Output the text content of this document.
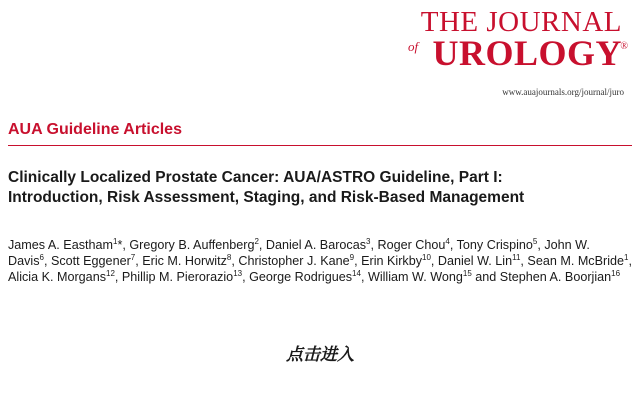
THE JOURNAL
of UROLOGY
®
www.auajournals.org/journal/juro
AUA Guideline Articles
Clinically Localized Prostate Cancer: AUA/ASTRO Guideline, Part I: Introduction, Risk Assessment, Staging, and Risk-Based Management

James A. Eastham$^1$*, Gregory B. Auffenberg$^2$, Daniel A. Barocas$^3$, Roger Chou$^4$, Tony Crispino$^5$, John W. Davis$^6$, Scott Eggener$^7$, Eric M. Horwitz$^8$, Christopher J. Kane$^9$, Erin Kirkby$^{10}$, Daniel W. Lin$^{11}$, Sean M. McBride$^1$, Alicia K. Morgans$^{12}$, Phillip M. Pierorazio$^{13}$, George Rodrigues$^{14}$, William W. Wong$^{15}$ and Stephen A. Boorjian$^{16}$

点击进入
